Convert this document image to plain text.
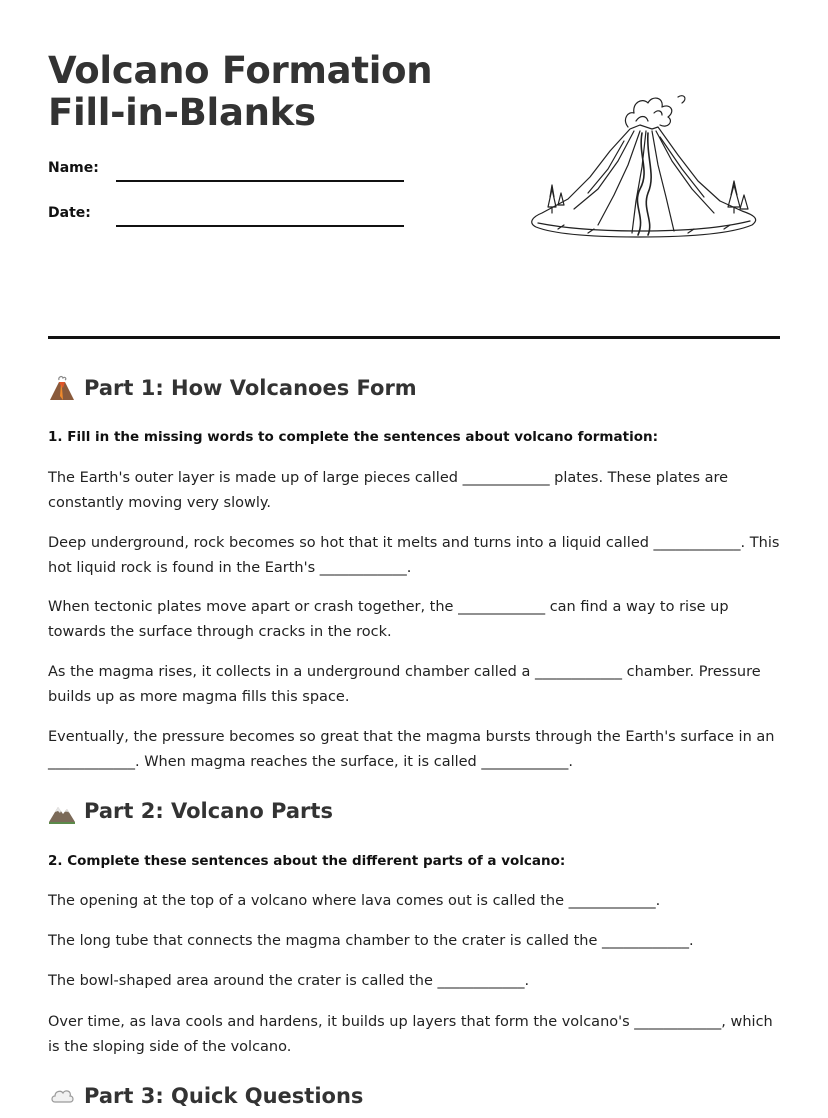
Volcano Formation Fill-in-Blanks
Name:
Date:
Part 1: How Volcanoes Form
1. Fill in the missing words to complete the sentences about volcano formation:

The Earth's outer layer is made up of large pieces called ____________ plates. These plates are constantly moving very slowly.

Deep underground, rock becomes so hot that it melts and turns into a liquid called ____________. This hot liquid rock is found in the Earth's ____________.

When tectonic plates move apart or crash together, the ____________ can find a way to rise up towards the surface through cracks in the rock.

As the magma rises, it collects in a underground chamber called a ____________ chamber. Pressure builds up as more magma fills this space.

Eventually, the pressure becomes so great that the magma bursts through the Earth's surface in an ____________. When magma reaches the surface, it is called ____________.

Part 2: Volcano Parts
2. Complete these sentences about the different parts of a volcano:

The opening at the top of a volcano where lava comes out is called the ____________.

The long tube that connects the magma chamber to the crater is called the ____________.

The bowl-shaped area around the crater is called the ____________.

Over time, as lava cools and hardens, it builds up layers that form the volcano's ____________, which is the sloping side of the volcano.

Part 3: Quick Questions
